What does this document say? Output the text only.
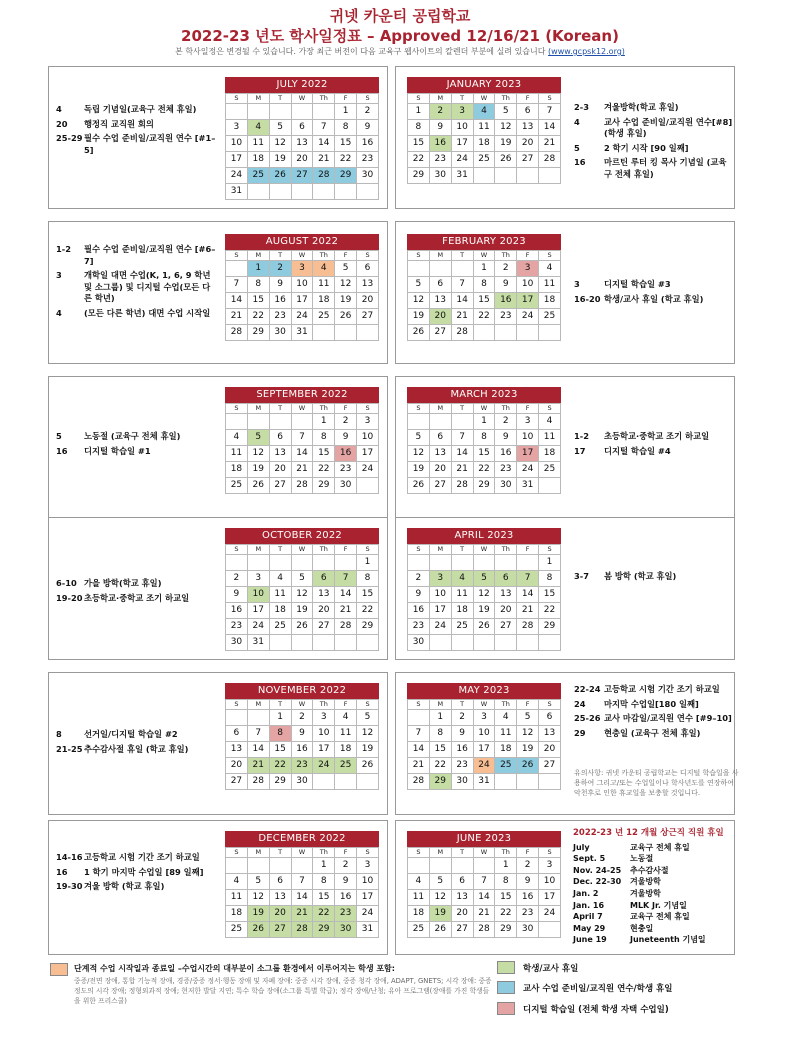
귀넷 카운티 공립학교
2022-23 년도 학사일정표 – Approved 12/16/21 (Korean)
본 학사일정은 변경될 수 있습니다. 가장 최근 버전이 다음 교육구 웹사이트의 칼렌더 부분에 실려 있습니다 (www.gcpsk12.org)
JULY 2022
S	M	T	W	Th	F	S
					1	2
3	4	5	6	7	8	9
10	11	12	13	14	15	16
17	18	19	20	21	22	23
24	25	26	27	28	29	30
31						
JANUARY 2023
S	M	T	W	Th	F	S
1	2	3	4	5	6	7
8	9	10	11	12	13	14
15	16	17	18	19	20	21
22	23	24	25	26	27	28
29	30	31				
AUGUST 2022
S	M	T	W	Th	F	S
	1	2	3	4	5	6
7	8	9	10	11	12	13
14	15	16	17	18	19	20
21	22	23	24	25	26	27
28	29	30	31			
FEBRUARY 2023
S	M	T	W	Th	F	S
			1	2	3	4
5	6	7	8	9	10	11
12	13	14	15	16	17	18
19	20	21	22	23	24	25
26	27	28				
SEPTEMBER 2022
S	M	T	W	Th	F	S
				1	2	3
4	5	6	7	8	9	10
11	12	13	14	15	16	17
18	19	20	21	22	23	24
25	26	27	28	29	30	
MARCH 2023
S	M	T	W	Th	F	S
			1	2	3	4
5	6	7	8	9	10	11
12	13	14	15	16	17	18
19	20	21	22	23	24	25
26	27	28	29	30	31	
OCTOBER 2022
S	M	T	W	Th	F	S
						1
2	3	4	5	6	7	8
9	10	11	12	13	14	15
16	17	18	19	20	21	22
23	24	25	26	27	28	29
30	31					
APRIL 2023
S	M	T	W	Th	F	S
						1
2	3	4	5	6	7	8
9	10	11	12	13	14	15
16	17	18	19	20	21	22
23	24	25	26	27	28	29
30						
NOVEMBER 2022
S	M	T	W	Th	F	S
		1	2	3	4	5
6	7	8	9	10	11	12
13	14	15	16	17	18	19
20	21	22	23	24	25	26
27	28	29	30			
MAY 2023
S	M	T	W	Th	F	S
	1	2	3	4	5	6
7	8	9	10	11	12	13
14	15	16	17	18	19	20
21	22	23	24	25	26	27
28	29	30	31			
DECEMBER 2022
S	M	T	W	Th	F	S
				1	2	3
4	5	6	7	8	9	10
11	12	13	14	15	16	17
18	19	20	21	22	23	24
25	26	27	28	29	30	31
JUNE 2023
S	M	T	W	Th	F	S
				1	2	3
4	5	6	7	8	9	10
11	12	13	14	15	16	17
18	19	20	21	22	23	24
25	26	27	28	29	30	
4	독립 기념일(교육구 전체 휴일)
20	행정직 교직원 회의
25-29 필수 수업 준비일/교직원 연수 [#1–5]
2-3	겨울방학(학교 휴일)
4	교사 수업 준비일/교직원 연수[#8] (학생 휴일)
5	2 학기 시작 [90 일째]
16	마르틴 루터 킹 목사 기념일 (교육구 전체 휴일)
1-2	필수 수업 준비일/교직원 연수 [#6–7]
3	개학일 대면 수업(K, 1, 6, 9 학년 및 소그룹) 및 디지털 수업(모든 다른 학년)
4	(모든 다른 학년) 대면 수업 시작일
3	디지털 학습일 #3
16-20 학생/교사 휴일 (학교 휴일)
5	노동절 (교육구 전체 휴일)
16	디지털 학습일 #1
1-2	초등학교·중학교 조기 하교일
17	디지털 학습일 #4
6-10 가을 방학(학교 휴일)
19-20 초등학교·중학교 조기 하교일
3-7	봄 방학 (학교 휴일)
8	선거일/디지털 학습일 #2
21-25 추수감사절 휴일 (학교 휴일)
22-24 고등학교 시험 기간 조기 하교일
24	마지막 수업일[180 일째]
25-26 교사 마감일/교직원 연수 [#9–10]
29	현충일 (교육구 전체 휴일)
14-16 고등학교 시험 기간 조기 하교일
16	1 학기 마지막 수업일 [89 일째]
19-30 겨울 방학 (학교 휴일)
유의사항: 귀넷 카운티 공립학교는 디지털 학습일을 사용하여 그리고/또는 수업일이나 학사년도를 연장하여 악천후로 인한 휴교일을 보충할 것입니다.
2022-23 년 12 개월 상근직 직원 휴일
July	교육구 전체 휴일
Sept. 5	노동절
Nov. 24-25	추수감사절
Dec. 22-30	겨울방학
Jan. 2	겨울방학
Jan. 16	MLK Jr. 기념일
April 7	교육구 전체 휴일
May 29	현충일
June 19	Juneteenth 기념일
단계적 수업 시작일과 종료일 –수업시간의 대부분이 소그룹 환경에서 이루어지는 학생 포함:
중증/전면 장애, 통합 기능적 장애, 경증/중증 정서·행동 장애 및 자폐 장애: 중증 시각 장애, 중증 청각 장애, ADAPT, GNETS; 시각 장애: 중증 정도의 시각 장애; 정형외과적 장애; 현저한 발달 지연; 특수 학습 장애(소그룹 특별 학급); 정각 장애/난청; 유아 프로그램(장애를 가진 학생들을 위한 프리스쿨)
학생/교사 휴일
교사 수업 준비일/교직원 연수/학생 휴일
디지털 학습일 (전체 학생 자택 수업일)
